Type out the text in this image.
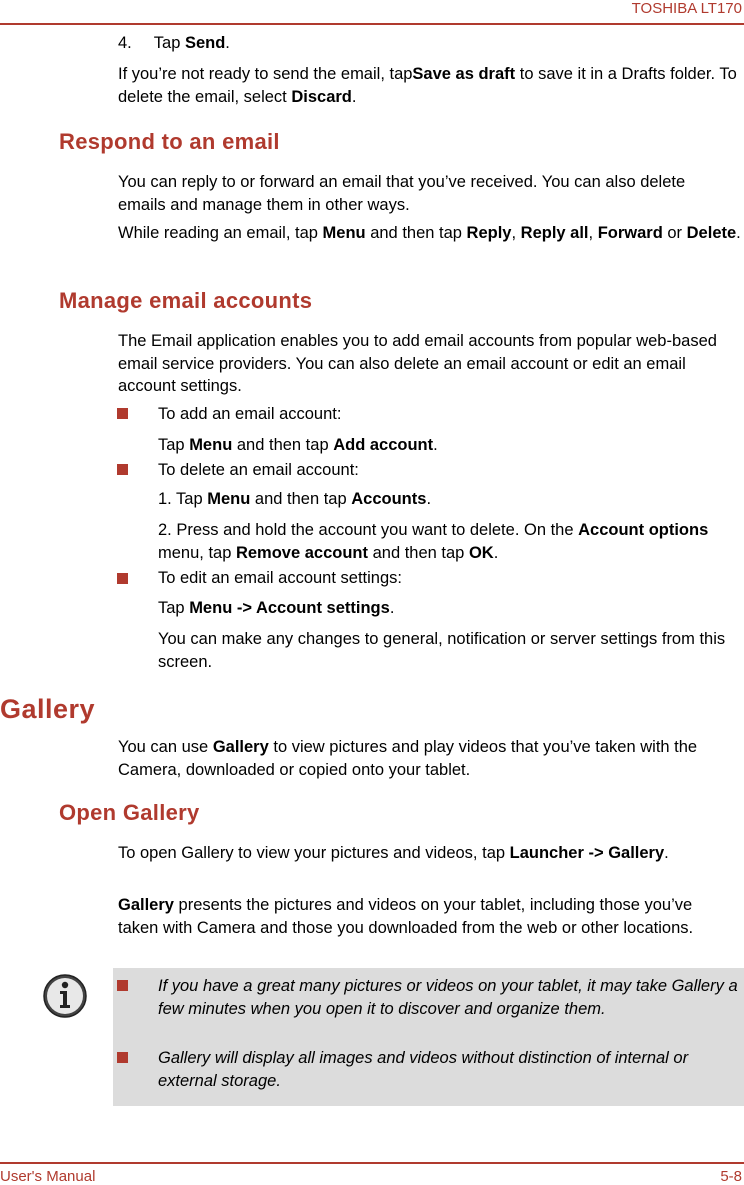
TOSHIBA LT170

4. Tap Send.

If you’re not ready to send the email, tapSave as draft to save it in a Drafts folder. To delete the email, select Discard.

Respond to an email

You can reply to or forward an email that you’ve received. You can also delete emails and manage them in other ways.

While reading an email, tap Menu and then tap Reply, Reply all, Forward or Delete.

Manage email accounts

The Email application enables you to add email accounts from popular web-based email service providers. You can also delete an email account or edit an email account settings.

To add an email account:

Tap Menu and then tap Add account.

To delete an email account:

1. Tap Menu and then tap Accounts.

2. Press and hold the account you want to delete. On the Account options menu, tap Remove account and then tap OK.

To edit an email account settings:

Tap Menu -> Account settings.

You can make any changes to general, notification or server settings from this screen.

Gallery

You can use Gallery to view pictures and play videos that you’ve taken with the Camera, downloaded or copied onto your tablet.

Open Gallery

To open Gallery to view your pictures and videos, tap Launcher -> Gallery.

Gallery presents the pictures and videos on your tablet, including those you’ve taken with Camera and those you downloaded from the web or other locations.

If you have a great many pictures or videos on your tablet, it may take Gallery a few minutes when you open it to discover and organize them.

Gallery will display all images and videos without distinction of internal or external storage.

User's Manual	5-8
